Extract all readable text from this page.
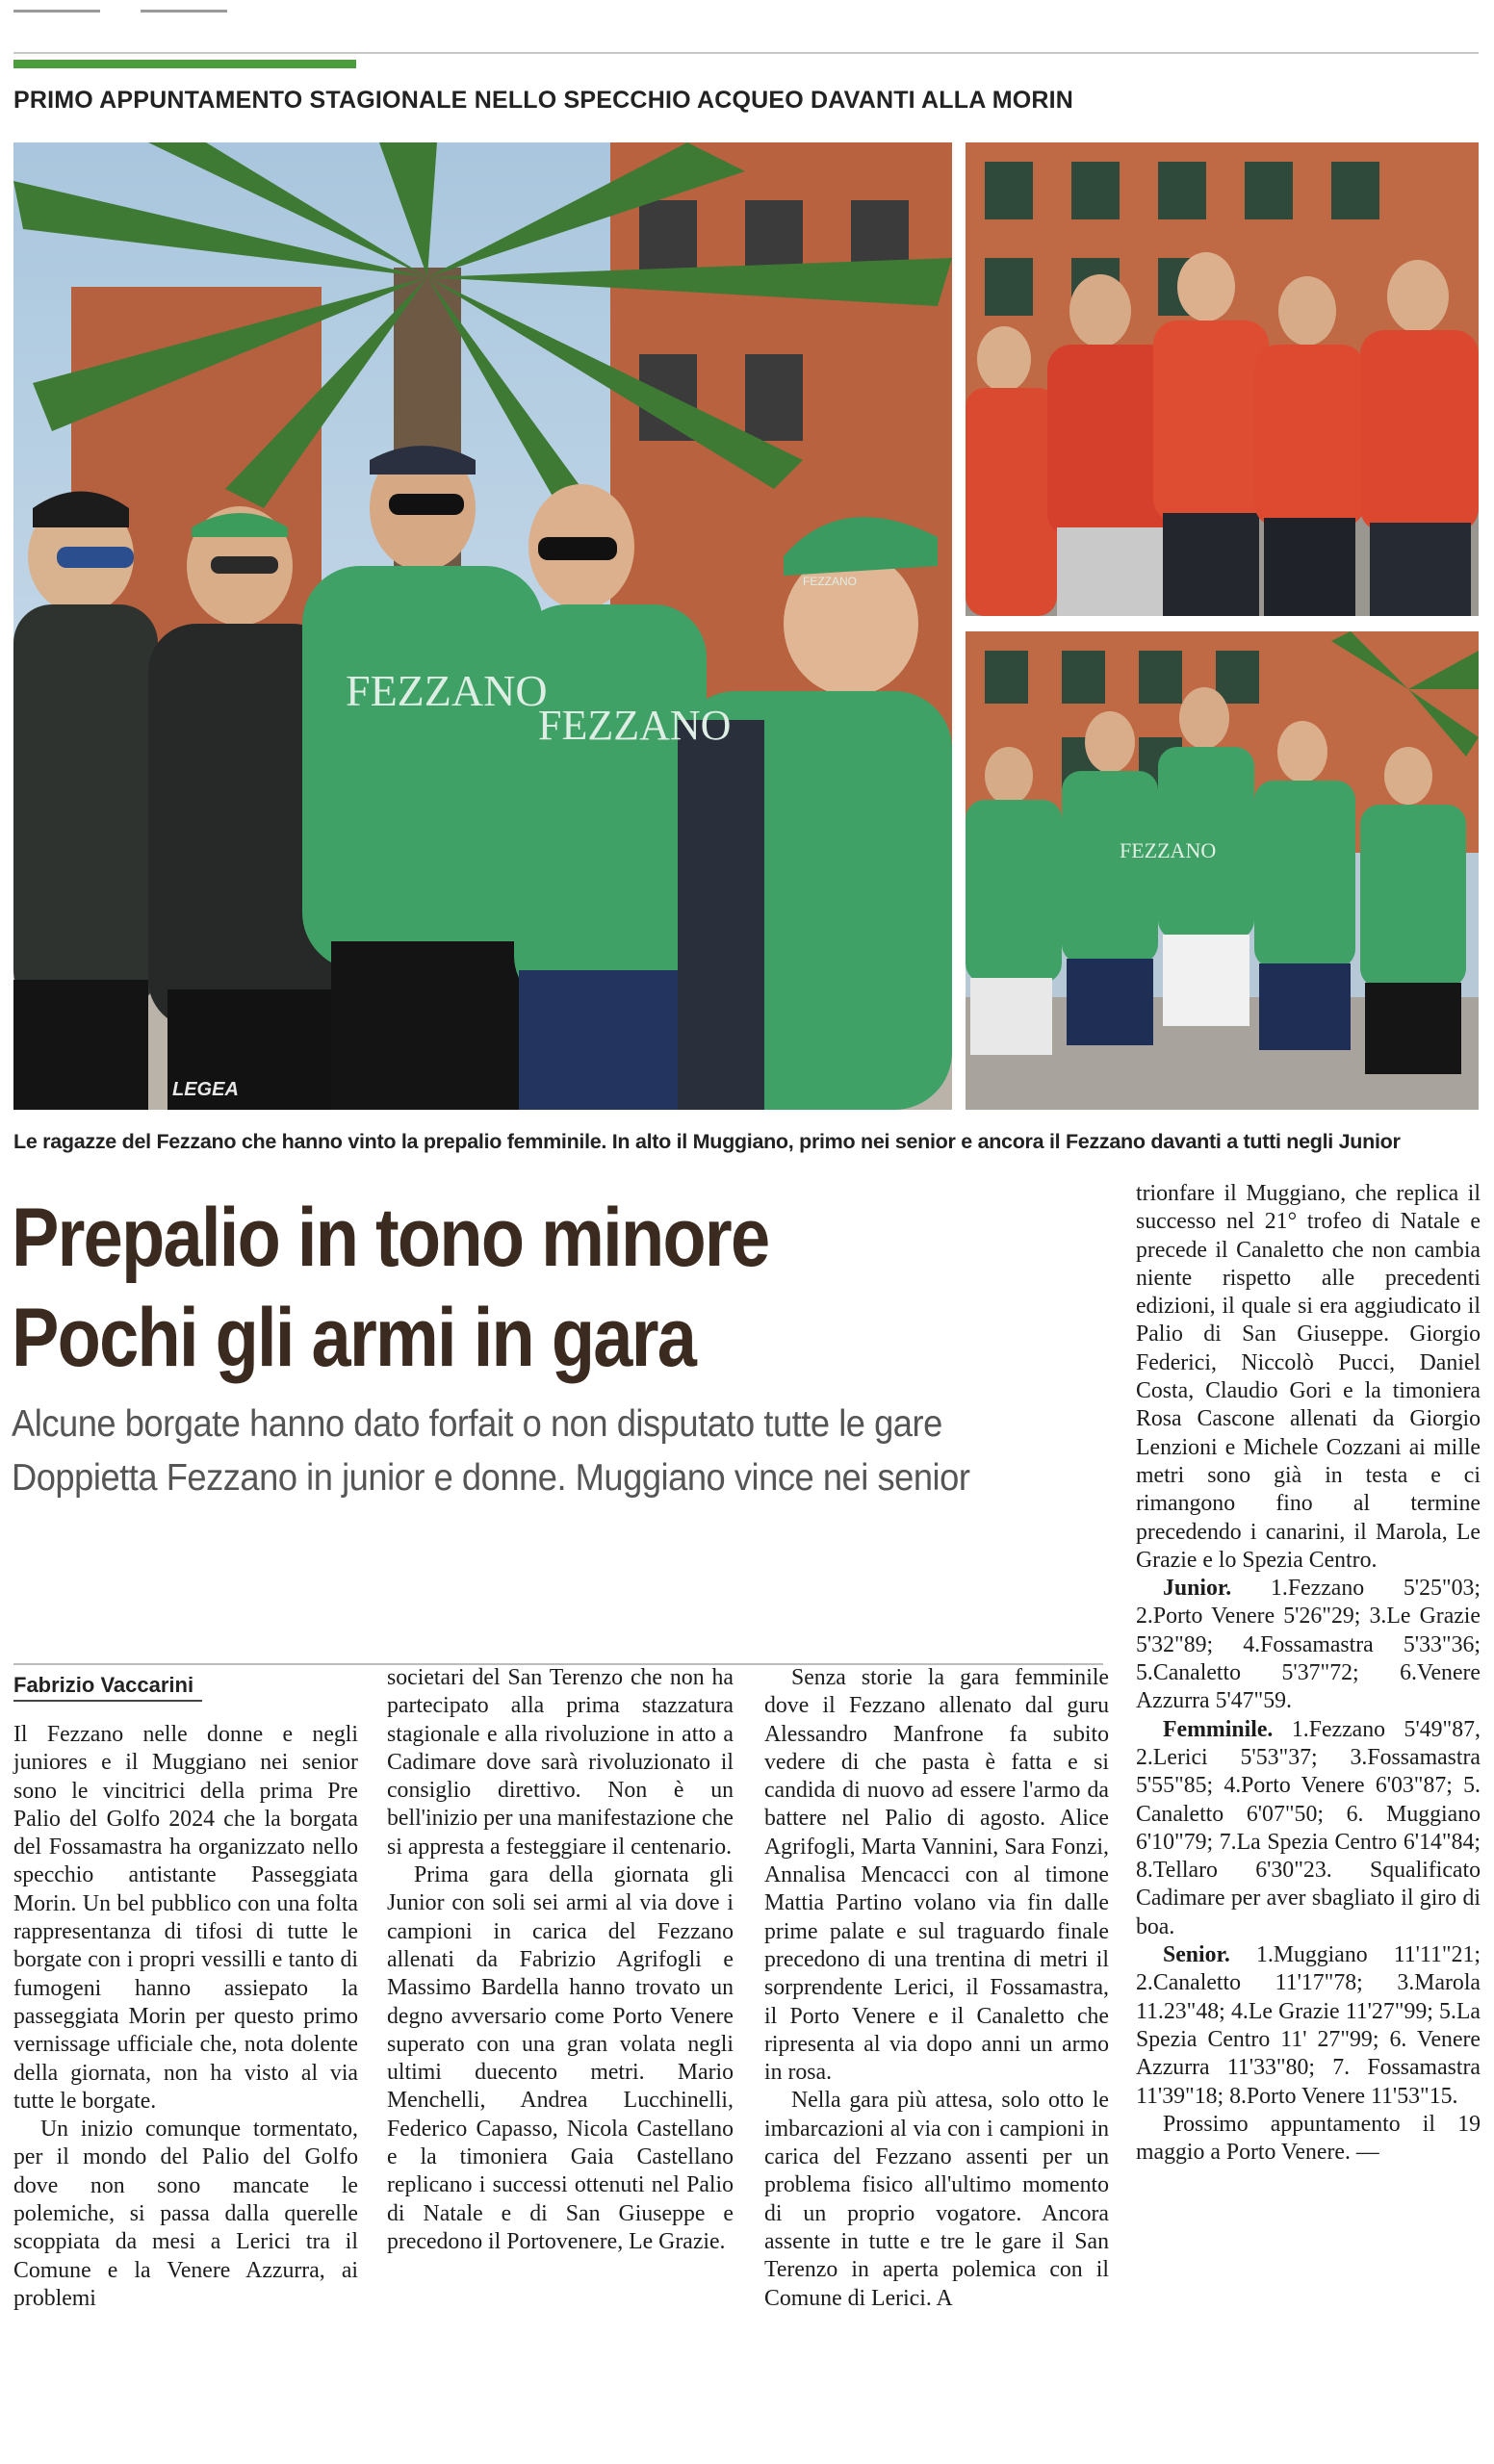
PRIMO APPUNTAMENTO STAGIONALE NELLO SPECCHIO ACQUEO DAVANTI ALLA MORIN
FEZZANO
FEZZANO
FEZZANO
LEGEA
FEZZANO
Le ragazze del Fezzano che hanno vinto la prepalio femminile. In alto il Muggiano, primo nei senior e ancora il Fezzano davanti a tutti negli Junior
Prepalio in tono minore
Pochi gli armi in gara
Alcune borgate hanno dato forfait o non disputato tutte le gare
Doppietta Fezzano in junior e donne. Muggiano vince nei senior
Fabrizio Vaccarini

Il Fezzano nelle donne e negli juniores e il Muggiano nei senior sono le vincitrici della prima Pre Palio del Golfo 2024 che la borgata del Fossamastra ha organizzato nello specchio antistante Passeggiata Morin. Un bel pubblico con una folta rappresentanza di tifosi di tutte le borgate con i propri vessilli e tanto di fumogeni hanno assiepato la passeggiata Morin per questo primo vernissage ufficiale che, nota dolente della giornata, non ha visto al via tutte le borgate.

Un inizio comunque tormentato, per il mondo del Palio del Golfo dove non sono mancate le polemiche, si passa dalla querelle scoppiata da mesi a Lerici tra il Comune e la Venere Azzurra, ai problemi

societari del San Terenzo che non ha partecipato alla prima stazzatura stagionale e alla rivoluzione in atto a Cadimare dove sarà rivoluzionato il consiglio direttivo. Non è un bell'inizio per una manifestazione che si appresta a festeggiare il centenario.

Prima gara della giornata gli Junior con soli sei armi al via dove i campioni in carica del Fezzano allenati da Fabrizio Agrifogli e Massimo Bardella hanno trovato un degno avversario come Porto Venere superato con una gran volata negli ultimi duecento metri. Mario Menchelli, Andrea Lucchinelli, Federico Capasso, Nicola Castellano e la timoniera Gaia Castellano replicano i successi ottenuti nel Palio di Natale e di San Giuseppe e precedono il Portovenere, Le Grazie.

Senza storie la gara femminile dove il Fezzano allenato dal guru Alessandro Manfrone fa subito vedere di che pasta è fatta e si candida di nuovo ad essere l'armo da battere nel Palio di agosto. Alice Agrifogli, Marta Vannini, Sara Fonzi, Annalisa Mencacci con al timone Mattia Partino volano via fin dalle prime palate e sul traguardo finale precedono di una trentina di metri il sorprendente Lerici, il Fossamastra, il Porto Venere e il Canaletto che ripresenta al via dopo anni un armo in rosa.

Nella gara più attesa, solo otto le imbarcazioni al via con i campioni in carica del Fezzano assenti per un problema fisico all'ultimo momento di un proprio vogatore. Ancora assente in tutte e tre le gare il San Terenzo in aperta polemica con il Comune di Lerici. A

trionfare il Muggiano, che replica il successo nel 21° trofeo di Natale e precede il Canaletto che non cambia niente rispetto alle precedenti edizioni, il quale si era aggiudicato il Palio di San Giuseppe. Giorgio Federici, Niccolò Pucci, Daniel Costa, Claudio Gori e la timoniera Rosa Cascone allenati da Giorgio Lenzioni e Michele Cozzani ai mille metri sono già in testa e ci rimangono fino al termine precedendo i canarini, il Marola, Le Grazie e lo Spezia Centro.

Junior. 1.Fezzano 5'25"03; 2.Porto Venere 5'26"29; 3.Le Grazie 5'32"89; 4.Fossamastra 5'33"36; 5.Canaletto 5'37"72; 6.Venere Azzurra 5'47"59.

Femminile. 1.Fezzano 5'49"87, 2.Lerici 5'53"37; 3.Fossamastra 5'55"85; 4.Porto Venere 6'03"87; 5. Canaletto 6'07"50; 6. Muggiano 6'10"79; 7.La Spezia Centro 6'14"84; 8.Tellaro 6'30"23. Squalificato Cadimare per aver sbagliato il giro di boa.

Senior. 1.Muggiano 11'11"21; 2.Canaletto 11'17"78; 3.Marola 11.23"48; 4.Le Grazie 11'27"99; 5.La Spezia Centro 11' 27"99; 6. Venere Azzurra 11'33"80; 7. Fossamastra 11'39"18; 8.Porto Venere 11'53"15.

Prossimo appuntamento il 19 maggio a Porto Venere. —
